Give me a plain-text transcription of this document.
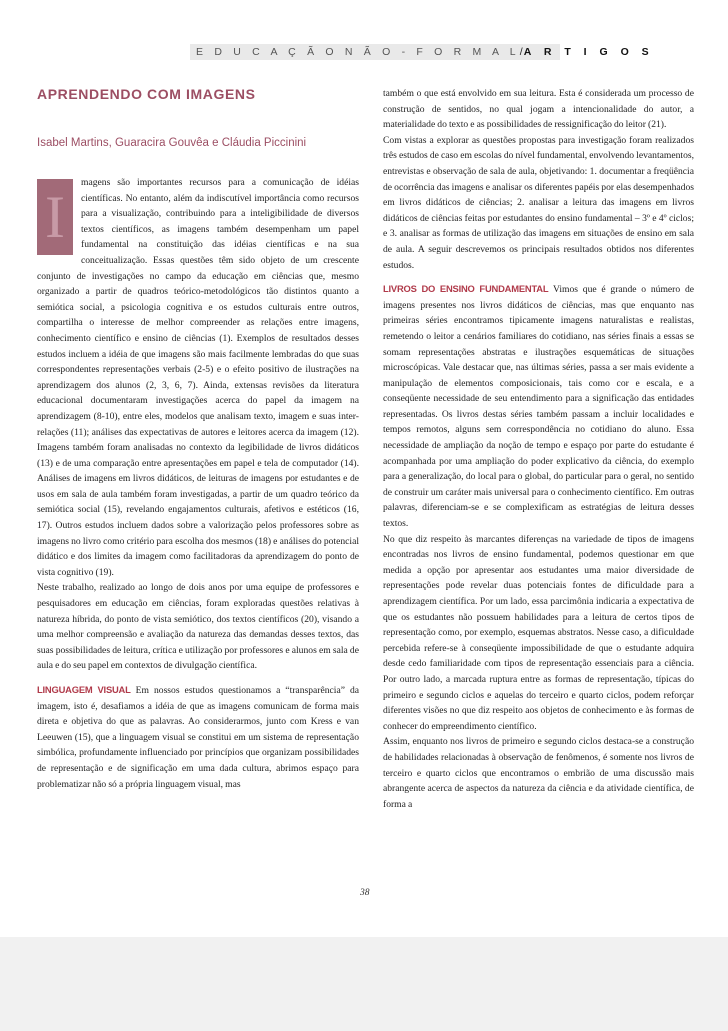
E D U C A Ç Ã O N Ã O - F O R M A L/A R T I G O S
APRENDENDO COM IMAGENS
Isabel Martins, Guaracira Gouvêa e Cláudia Piccinini
I

magens são importantes recursos para a comunicação de idéias científicas. No entanto, além da indiscutível importância como recursos para a visualização, contribuindo para a inteligibilidade de diversos textos científicos, as imagens também desempenham um papel fundamental na constituição das idéias científicas e na sua conceitualização. Essas questões têm sido objeto de um crescente conjunto de investigações no campo da educação em ciências que, mesmo organizado a partir de quadros teórico-metodológicos tão distintos quanto a semiótica social, a psicologia cognitiva e os estudos culturais entre outros, compartilha o interesse de melhor compreender as relações entre imagens, conhecimento científico e ensino de ciências (1). Exemplos de resultados desses estudos incluem a idéia de que imagens são mais facilmente lembradas do que suas correspondentes representações verbais (2-5) e o efeito positivo de ilustrações na aprendizagem dos alunos (2, 3, 6, 7). Ainda, extensas revisões da literatura educacional documentaram investigações acerca do papel da imagem na aprendizagem (8-10), entre eles, modelos que analisam texto, imagem e suas inter-relações (11); análises das expectativas de autores e leitores acerca da imagem (12). Imagens também foram analisadas no contexto da legibilidade de livros didáticos (13) e de uma comparação entre apresentações em papel e tela de computador (14). Análises de imagens em livros didáticos, de leituras de imagens por estudantes e de usos em sala de aula também foram investigadas, a partir de um quadro teórico da semiótica social (15), revelando engajamentos culturais, afetivos e estéticos (16, 17). Outros estudos incluem dados sobre a valorização pelos professores sobre as imagens no livro como critério para escolha dos mesmos (18) e análises do potencial didático e dos limites da imagem como facilitadoras da aprendizagem do ponto de vista cognitivo (19).

Neste trabalho, realizado ao longo de dois anos por uma equipe de professores e pesquisadores em educação em ciências, foram exploradas questões relativas à natureza híbrida, do ponto de vista semiótico, dos textos científicos (20), visando a uma melhor compreensão e avaliação da natureza das demandas desses textos, das suas possibilidades de leitura, crítica e utilização por professores e alunos em sala de aula e do seu papel em contextos de divulgação científica.

LINGUAGEM VISUAL Em nossos estudos questionamos a “transparência” da imagem, isto é, desafiamos a idéia de que as imagens comunicam de forma mais direta e objetiva do que as palavras. Ao considerarmos, junto com Kress e van Leeuwen (15), que a linguagem visual se constitui em um sistema de representação simbólica, profundamente influenciado por princípios que organizam possibilidades de representação e de significação em uma dada cultura, abrimos espaço para problematizar não só a própria linguagem visual, mas

também o que está envolvido em sua leitura. Esta é considerada um processo de construção de sentidos, no qual jogam a intencionalidade do autor, a materialidade do texto e as possibilidades de ressignificação do leitor (21).

Com vistas a explorar as questões propostas para investigação foram realizados três estudos de caso em escolas do nível fundamental, envolvendo levantamentos, entrevistas e observação de sala de aula, objetivando: 1. documentar a freqüência de ocorrência das imagens e analisar os diferentes papéis por elas desempenhados em livros didáticos de ciências; 2. analisar a leitura das imagens em livros didáticos de ciências feitas por estudantes do ensino fundamental – 3º e 4º ciclos; e 3. analisar as formas de utilização das imagens em situações de ensino em sala de aula. A seguir descrevemos os principais resultados obtidos nos diferentes estudos.

LIVROS DO ENSINO FUNDAMENTAL Vimos que é grande o número de imagens presentes nos livros didáticos de ciências, mas que enquanto nas primeiras séries encontramos tipicamente imagens naturalistas e realistas, remetendo o leitor a cenários familiares do cotidiano, nas séries finais a essas se somam representações abstratas e ilustrações esquemáticas de situações microscópicas. Vale destacar que, nas últimas séries, passa a ser mais evidente a manipulação de elementos composicionais, tais como cor e escala, e a conseqüente necessidade de seu entendimento para a significação das entidades representadas. Os livros destas séries também passam a incluir localidades e tempos remotos, alguns sem correspondência no cotidiano do aluno. Essa necessidade de ampliação da noção de tempo e espaço por parte do estudante é acompanhada por uma ampliação do poder explicativo da ciência, do exemplo para a generalização, do local para o global, do particular para o geral, no sentido de construir um caráter mais universal para o conhecimento científico. Em outras palavras, diferenciam-se e se complexificam as estratégias de leitura desses textos.

No que diz respeito às marcantes diferenças na variedade de tipos de imagens encontradas nos livros de ensino fundamental, podemos questionar em que medida a opção por apresentar aos estudantes uma maior diversidade de representações pode revelar duas potenciais fontes de dificuldade para a aprendizagem científica. Por um lado, essa parcimônia indicaria a expectativa de que os estudantes não possuem habilidades para a leitura de certos tipos de representação como, por exemplo, esquemas abstratos. Nesse caso, a dificuldade percebida refere-se à conseqüente impossibilidade de que o estudante adquira desde cedo familiaridade com tipos de representação essenciais para a ciência. Por outro lado, a marcada ruptura entre as formas de representação, típicas do primeiro e segundo ciclos e aquelas do terceiro e quarto ciclos, podem reforçar diferentes visões no que diz respeito aos objetos de conhecimento e às formas de conhecer do empreendimento científico.

Assim, enquanto nos livros de primeiro e segundo ciclos destaca-se a construção de habilidades relacionadas à observação de fenômenos, é somente nos livros de terceiro e quarto ciclos que encontramos o embrião de uma discussão mais abrangente acerca de aspectos da natureza da ciência e da atividade científica, de forma a

38
